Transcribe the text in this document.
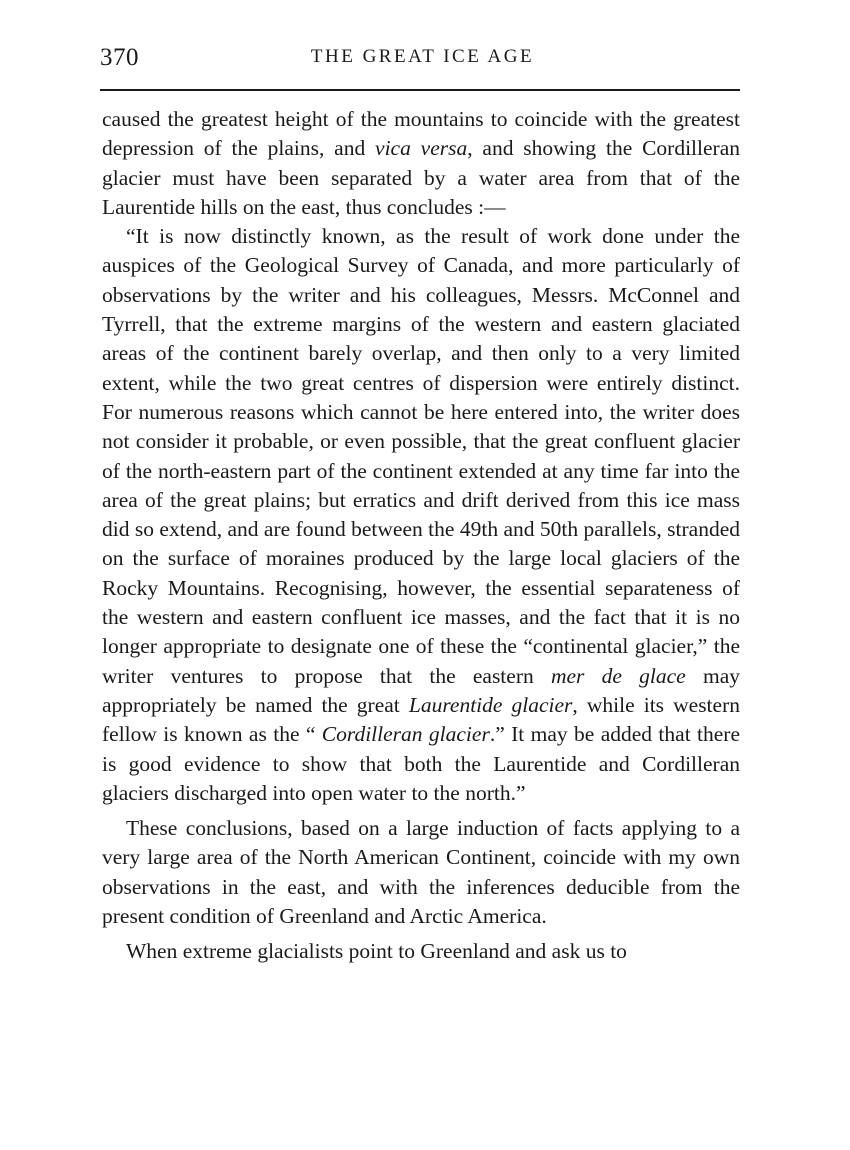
370	THE GREAT ICE AGE

caused the greatest height of the mountains to coincide with the greatest depression of the plains, and vica versa, and showing the Cordilleran glacier must have been separated by a water area from that of the Laurentide hills on the east, thus concludes :—

“It is now distinctly known, as the result of work done under the auspices of the Geological Survey of Canada, and more particularly of observations by the writer and his colleagues, Messrs. McConnel and Tyrrell, that the extreme margins of the western and eastern glaciated areas of the continent barely overlap, and then only to a very limited extent, while the two great centres of dispersion were entirely distinct. For numerous reasons which cannot be here entered into, the writer does not consider it probable, or even possible, that the great confluent glacier of the north-eastern part of the continent extended at any time far into the area of the great plains; but erratics and drift derived from this ice mass did so extend, and are found between the 49th and 50th parallels, stranded on the surface of moraines produced by the large local glaciers of the Rocky Mountains. Recognising, however, the essential separateness of the western and eastern confluent ice masses, and the fact that it is no longer appropriate to designate one of these the “continental glacier,” the writer ventures to propose that the eastern mer de glace may appropriately be named the great Laurentide glacier, while its western fellow is known as the “ Cordilleran glacier.” It may be added that there is good evidence to show that both the Laurentide and Cordilleran glaciers discharged into open water to the north.”

These conclusions, based on a large induction of facts applying to a very large area of the North American Continent, coincide with my own observations in the east, and with the inferences deducible from the present condition of Greenland and Arctic America.

When extreme glacialists point to Greenland and ask us to
